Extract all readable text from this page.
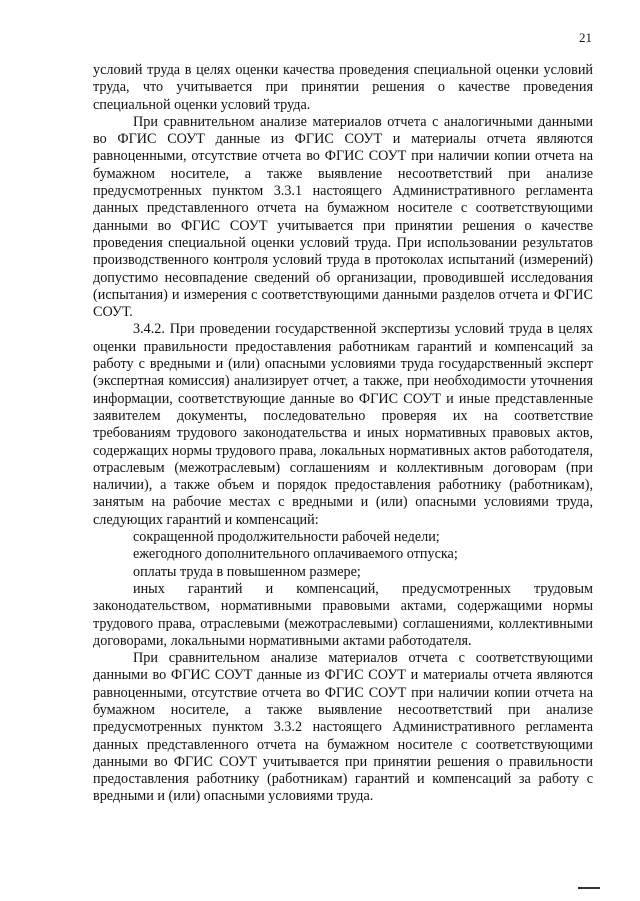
21

условий труда в целях оценки качества проведения специальной оценки условий труда, что учитывается при принятии решения о качестве проведения специальной оценки условий труда.

При сравнительном анализе материалов отчета с аналогичными данными во ФГИС СОУТ данные из ФГИС СОУТ и материалы отчета являются равноценными, отсутствие отчета во ФГИС СОУТ при наличии копии отчета на бумажном носителе, а также выявление несоответствий при анализе предусмотренных пунктом 3.3.1 настоящего Административного регламента данных представленного отчета на бумажном носителе с соответствующими данными во ФГИС СОУТ учитывается при принятии решения о качестве проведения специальной оценки условий труда. При использовании результатов производственного контроля условий труда в протоколах испытаний (измерений) допустимо несовпадение сведений об организации, проводившей исследования (испытания) и измерения с соответствующими данными разделов отчета и ФГИС СОУТ.

3.4.2. При проведении государственной экспертизы условий труда в целях оценки правильности предоставления работникам гарантий и компенсаций за работу с вредными и (или) опасными условиями труда государственный эксперт (экспертная комиссия) анализирует отчет, а также, при необходимости уточнения информации, соответствующие данные во ФГИС СОУТ и иные представленные заявителем документы, последовательно проверяя их на соответствие требованиям трудового законодательства и иных нормативных правовых актов, содержащих нормы трудового права, локальных нормативных актов работодателя, отраслевым (межотраслевым) соглашениям и коллективным договорам (при наличии), а также объем и порядок предоставления работнику (работникам), занятым на рабочие местах с вредными и (или) опасными условиями труда, следующих гарантий и компенсаций:

сокращенной продолжительности рабочей недели;

ежегодного дополнительного оплачиваемого отпуска;

оплаты труда в повышенном размере;

иных гарантий и компенсаций, предусмотренных трудовым законодательством, нормативными правовыми актами, содержащими нормы трудового права, отраслевыми (межотраслевыми) соглашениями, коллективными договорами, локальными нормативными актами работодателя.

При сравнительном анализе материалов отчета с соответствующими данными во ФГИС СОУТ данные из ФГИС СОУТ и материалы отчета являются равноценными, отсутствие отчета во ФГИС СОУТ при наличии копии отчета на бумажном носителе, а также выявление несоответствий при анализе предусмотренных пунктом 3.3.2 настоящего Административного регламента данных представленного отчета на бумажном носителе с соответствующими данными во ФГИС СОУТ учитывается при принятии решения о правильности предоставления работнику (работникам) гарантий и компенсаций за работу с вредными и (или) опасными условиями труда.
